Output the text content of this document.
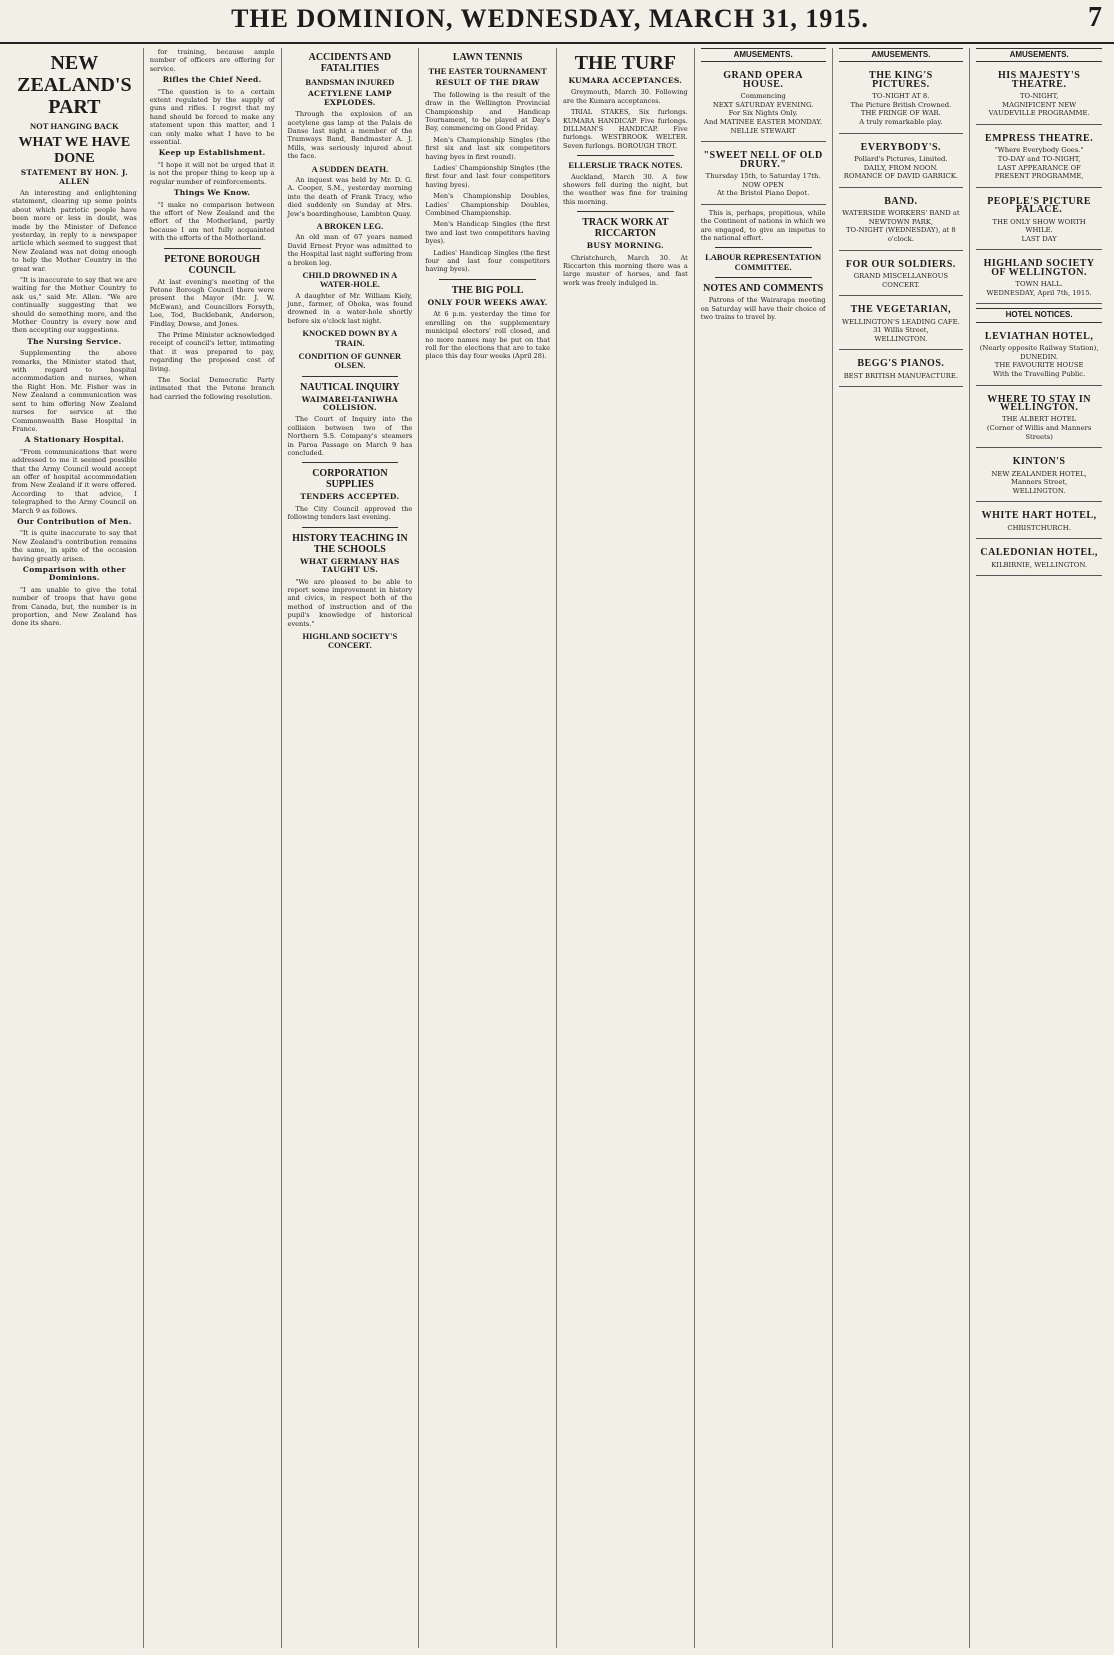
THE DOMINION, WEDNESDAY, MARCH 31, 1915.	7
NEW ZEALAND'S PART
NOT HANGING BACK
WHAT WE HAVE DONE
STATEMENT BY HON. J. ALLEN

An interesting and enlightening statement, clearing up some points about which patriotic people have been more or less in doubt, was made by the Minister of Defence yesterday, in reply to a newspaper article which seemed to suggest that New Zealand was not doing enough to help the Mother Country in the great war.

"It is inaccurate to say that we are waiting for the Mother Country to ask us," said Mr. Allen. "We are continually suggesting that we should do something more, and the Mother Country is every now and then accepting our suggestions.

The Nursing Service.

Supplementing the above remarks, the Minister stated that, with regard to hospital accommodation and nurses, when the Right Hon. Mr. Fisher was in New Zealand a communication was sent to him offering New Zealand nurses for service at the Commonwealth Base Hospital in France.

A Stationary Hospital.

"From communications that were addressed to me it seemed possible that the Army Council would accept an offer of hospital accommodation from New Zealand if it were offered. According to that advice, I telegraphed to the Army Council on March 9 as follows.

Our Contribution of Men.

"It is quite inaccurate to say that New Zealand's contribution remains the same, in spite of the occasion having greatly arisen.

Comparison with other Dominions.

"I am unable to give the total number of troops that have gone from Canada, but, the number is in proportion, and New Zealand has done its share.

for training, because ample number of officers are offering for service.

Rifles the Chief Need.

"The question is to a certain extent regulated by the supply of guns and rifles. I regret that my hand should be forced to make any statement upon this matter, and I can only make what I have to be essential.

Keep up Establishment.

"I hope it will not be urged that it is not the proper thing to keep up a regular number of reinforcements.

Things We Know.

"I make no comparison between the effort of New Zealand and the effort of the Motherland, partly because I am not fully acquainted with the efforts of the Motherland.

PETONE BOROUGH COUNCIL

At last evening's meeting of the Petone Borough Council there were present the Mayor (Mr. J. W. McEwan), and Councillors Forsyth, Lee, Tod, Bucklebank, Anderson, Findlay, Dowse, and Jones.

The Prime Minister acknowledged receipt of council's letter, intimating that it was prepared to pay, regarding the proposed cost of living.

The Social Democratic Party intimated that the Petone branch had carried the following resolution.

ACCIDENTS AND FATALITIES
BANDSMAN INJURED
ACETYLENE LAMP EXPLODES.

Through the explosion of an acetylene gas lamp at the Palais de Danse last night a member of the Tramways Band, Bandmaster A. J. Mills, was seriously injured about the face.

A SUDDEN DEATH.

An inquest was held by Mr. D. G. A. Cooper, S.M., yesterday morning into the death of Frank Tracy, who died suddenly on Sunday at Mrs. Jew's boardinghouse, Lambton Quay.

A BROKEN LEG.

An old man of 67 years named David Ernest Pryor was admitted to the Hospital last night suffering from a broken leg.

CHILD DROWNED IN A WATER-HOLE.

A daughter of Mr. William Kiely, junr., farmer, of Ohoka, was found drowned in a water-hole shortly before six o'clock last night.

KNOCKED DOWN BY A TRAIN.
CONDITION OF GUNNER OLSEN.
NAUTICAL INQUIRY
WAIMAREI-TANIWHA COLLISION.

The Court of Inquiry into the collision between two of the Northern S.S. Company's steamers in Paroa Passage on March 9 has concluded.

CORPORATION SUPPLIES
TENDERS ACCEPTED.

The City Council approved the following tenders last evening.

HISTORY TEACHING IN THE SCHOOLS
WHAT GERMANY HAS TAUGHT US.

"We are pleased to be able to report some improvement in history and civics, in respect both of the method of instruction and of the pupil's knowledge of historical events."

HIGHLAND SOCIETY'S CONCERT.
LAWN TENNIS
THE EASTER TOURNAMENT
RESULT OF THE DRAW

The following is the result of the draw in the Wellington Provincial Championship and Handicap Tournament, to be played at Day's Bay, commencing on Good Friday.

Men's Championship Singles (the first six and last six competitors having byes in first round).

Ladies' Championship Singles (the first four and last four competitors having byes).

Men's Championship Doubles, Ladies' Championship Doubles, Combined Championship.

Men's Handicap Singles (the first two and last two competitors having byes).

Ladies' Handicap Singles (the first four and last four competitors having byes).

THE BIG POLL
ONLY FOUR WEEKS AWAY.

At 6 p.m. yesterday the time for enrolling on the supplementary municipal electors' roll closed, and no more names may be put on that roll for the elections that are to take place this day four weeks (April 28).

THE TURF
KUMARA ACCEPTANCES.

Greymouth, March 30. Following are the Kumara acceptances.

TRIAL STAKES, Six furlongs. KUMARA HANDICAP. Five furlongs. DILLMAN'S HANDICAP. Five furlongs. WESTBROOK WELTER. Seven furlongs. BOROUGH TROT.

ELLERSLIE TRACK NOTES.

Auckland, March 30. A few showers fell during the night, but the weather was fine for training this morning.

TRACK WORK AT RICCARTON
BUSY MORNING.

Christchurch, March 30. At Riccarton this morning there was a large muster of horses, and fast work was freely indulged in.

AMUSEMENTS.
GRAND OPERA HOUSE.
Commencing
NEXT SATURDAY EVENING.
For Six Nights Only.
And MATINEE EASTER MONDAY.
NELLIE STEWART
"SWEET NELL OF OLD DRURY."
Thursday 15th, to Saturday 17th.
NOW OPEN
At the Bristol Piano Depot.

This is, perhaps, propitious, while the Continent of nations in which we are engaged, to give an impetus to the national effort.

LABOUR REPRESENTATION COMMITTEE.
NOTES AND COMMENTS

Patrons of the Wairarapa meeting on Saturday will have their choice of two trains to travel by.

AMUSEMENTS.
THE KING'S PICTURES.
TO-NIGHT AT 8.
The Picture British Crowned.
THE FRINGE OF WAR.
A truly remarkable play.
EVERYBODY'S.
Pollard's Pictures, Limited.
DAILY, FROM NOON.
ROMANCE OF DAVID GARRICK.
BAND.
WATERSIDE WORKERS' BAND at
NEWTOWN PARK,
TO-NIGHT (WEDNESDAY), at 8 o'clock.
FOR OUR SOLDIERS.
GRAND MISCELLANEOUS CONCERT.
THE VEGETARIAN,
WELLINGTON'S LEADING CAFE.
31 Willis Street,
WELLINGTON.
BEGG'S PIANOS.
BEST BRITISH MANUFACTURE.
AMUSEMENTS.
HIS MAJESTY'S THEATRE.
TO-NIGHT,
MAGNIFICENT NEW VAUDEVILLE PROGRAMME.
EMPRESS THEATRE.
"Where Everybody Goes."
TO-DAY and TO-NIGHT,
LAST APPEARANCE OF
PRESENT PROGRAMME,
PEOPLE'S PICTURE PALACE.
THE ONLY SHOW WORTH WHILE.
LAST DAY
HIGHLAND SOCIETY OF WELLINGTON.
TOWN HALL.
WEDNESDAY, April 7th, 1915.
HOTEL NOTICES.
LEVIATHAN HOTEL,
(Nearly opposite Railway Station),
DUNEDIN.
THE FAVOURITE HOUSE
With the Travelling Public.
WHERE TO STAY IN WELLINGTON.
THE ALBERT HOTEL
(Corner of Willis and Manners Streets)
KINTON'S
NEW ZEALANDER HOTEL,
Manners Street,
WELLINGTON.
WHITE HART HOTEL,
CHRISTCHURCH.
CALEDONIAN HOTEL,
KILBIRNIE, WELLINGTON.
